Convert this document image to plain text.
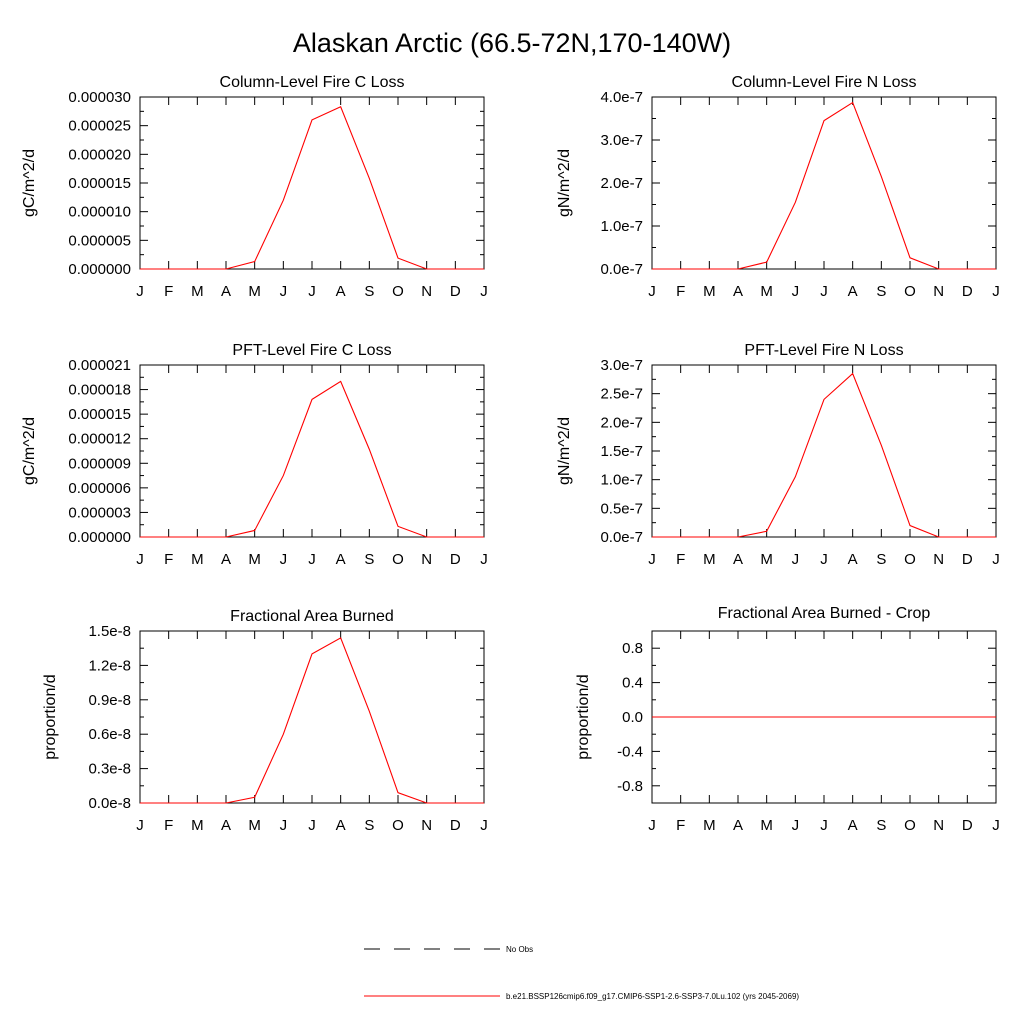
Alaskan Arctic (66.5-72N,170-140W)
Column-Level Fire C Loss
J F M A M J J A S O N D J
0.000000
0.000005
0.000010
0.000015
0.000020
0.000025
0.000030
gC/m^2/d
Column-Level Fire N Loss
J F M A M J J A S O N D J
0.0e-7
1.0e-7
2.0e-7
3.0e-7
4.0e-7
gN/m^2/d
PFT-Level Fire C Loss
J F M A M J J A S O N D J
0.000000
0.000003
0.000006
0.000009
0.000012
0.000015
0.000018
0.000021
gC/m^2/d
PFT-Level Fire N Loss
J F M A M J J A S O N D J
0.0e-7
0.5e-7
1.0e-7
1.5e-7
2.0e-7
2.5e-7
3.0e-7
gN/m^2/d
Fractional Area Burned
J F M A M J J A S O N D J
0.0e-8
0.3e-8
0.6e-8
0.9e-8
1.2e-8
1.5e-8
proportion/d
Fractional Area Burned - Crop
J F M A M J J A S O N D J
-0.8
-0.4
0.0
0.4
0.8
proportion/d
No Obs
b.e21.BSSP126cmip6.f09_g17.CMIP6-SSP1-2.6-SSP3-7.0Lu.102 (yrs 2045-2069)
